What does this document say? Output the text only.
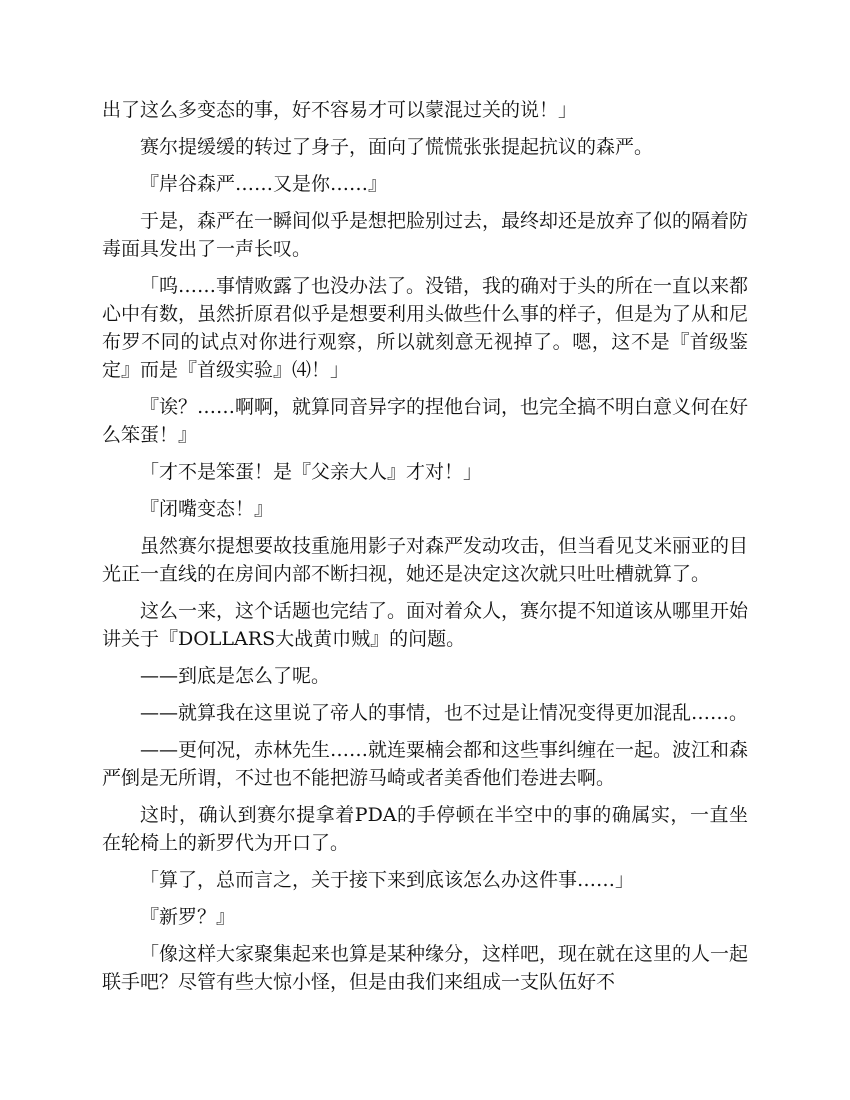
出了这么多变态的事，好不容易才可以蒙混过关的说！」

赛尔提缓缓的转过了身子，面向了慌慌张张提起抗议的森严。

『岸谷森严……又是你……』

于是，森严在一瞬间似乎是想把脸别过去，最终却还是放弃了似的隔着防毒面具发出了一声长叹。

「呜……事情败露了也没办法了。没错，我的确对于头的所在一直以来都心中有数，虽然折原君似乎是想要利用头做些什么事的样子，但是为了从和尼布罗不同的试点对你进行观察，所以就刻意无视掉了。嗯，这不是『首级鉴定』而是『首级实验』⑷！」

『诶？……啊啊，就算同音异字的捏他台词，也完全搞不明白意义何在好么笨蛋！』

「才不是笨蛋！是『父亲大人』才对！」

『闭嘴变态！』

虽然赛尔提想要故技重施用影子对森严发动攻击，但当看见艾米丽亚的目光正一直线的在房间内部不断扫视，她还是决定这次就只吐吐槽就算了。

这么一来，这个话题也完结了。面对着众人，赛尔提不知道该从哪里开始讲关于『DOLLARS大战黄巾贼』的问题。

——到底是怎么了呢。

——就算我在这里说了帝人的事情，也不过是让情况变得更加混乱……。

——更何况，赤林先生……就连粟楠会都和这些事纠缠在一起。波江和森严倒是无所谓，不过也不能把游马崎或者美香他们卷进去啊。

这时，确认到赛尔提拿着PDA的手停顿在半空中的事的确属实，一直坐在轮椅上的新罗代为开口了。

「算了，总而言之，关于接下来到底该怎么办这件事……」

『新罗？』

「像这样大家聚集起来也算是某种缘分，这样吧，现在就在这里的人一起联手吧？尽管有些大惊小怪，但是由我们来组成一支队伍好不
